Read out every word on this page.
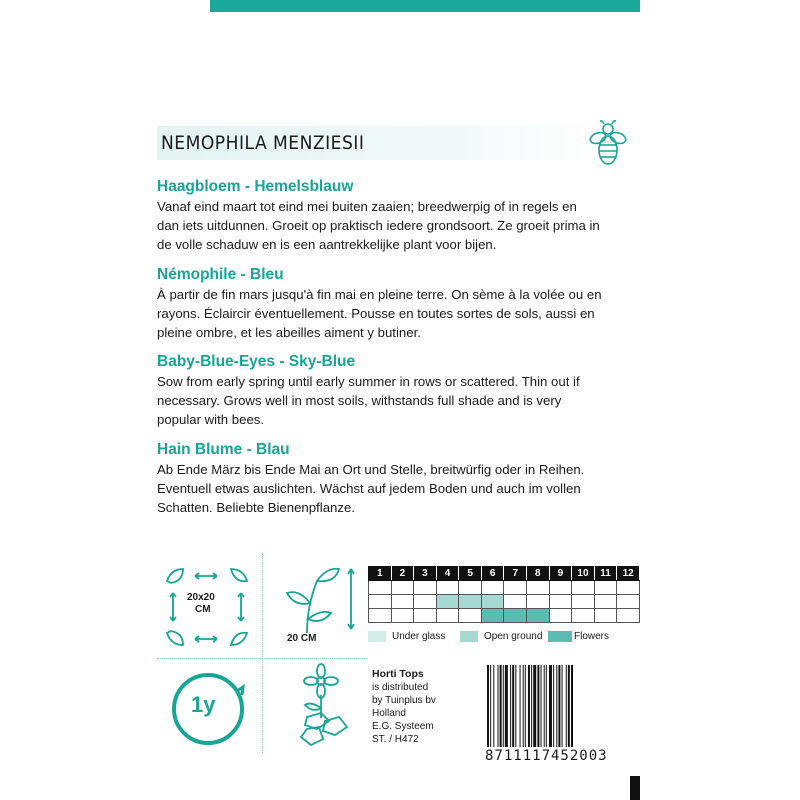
NEMOPHILA MENZIESII
Haagbloem - Hemelsblauw

Vanaf eind maart tot eind mei buiten zaaien; breedwerpig of in regels en

dan iets uitdunnen. Groeit op praktisch iedere grondsoort. Ze groeit prima in

de volle schaduw en is een aantrekkelijke plant voor bijen.

Némophile - Bleu

À partir de fin mars jusqu'à fin mai en pleine terre. On sème à la volée ou en

rayons. Éclaircir éventuellement. Pousse en toutes sortes de sols, aussi en

pleine ombre, et les abeilles aiment y butiner.

Baby-Blue-Eyes - Sky-Blue

Sow from early spring until early summer in rows or scattered. Thin out if

necessary. Grows well in most soils, withstands full shade and is very

popular with bees.

Hain Blume - Blau

Ab Ende März bis Ende Mai an Ort und Stelle, breitwürfig oder in Reihen.

Eventuell etwas auslichten. Wächst auf jedem Boden und auch im vollen

Schatten. Beliebte Bienenpflanze.

20x20
CM
20 CM
1y
1	2	3	4	5	6	7	8	9	10	11	12

Under glass	Open ground	Flowers
Horti Tops
is distributed
by Tuinplus bv
Holland
E.G. Systeem
ST. / H472
8711117452003
